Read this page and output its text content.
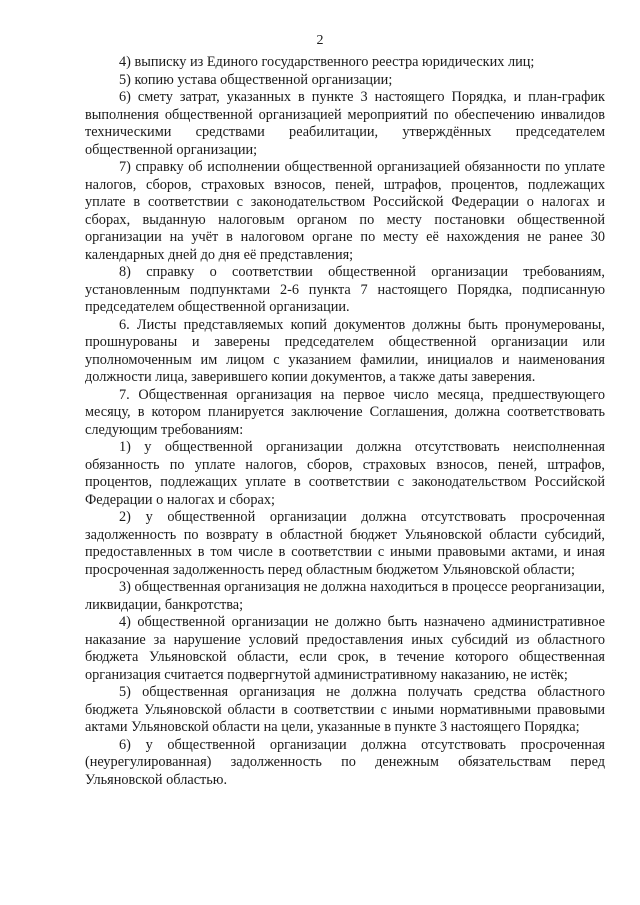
2

4) выписку из Единого государственного реестра юридических лиц;

5) копию устава общественной организации;

6) смету затрат, указанных в пункте 3 настоящего Порядка, и план-график выполнения общественной организацией мероприятий по обеспечению инвалидов техническими средствами реабилитации, утверждённых председателем общественной организации;

7) справку об исполнении общественной организацией обязанности по уплате налогов, сборов, страховых взносов, пеней, штрафов, процентов, подлежащих уплате в соответствии с законодательством Российской Федерации о налогах и сборах, выданную налоговым органом по месту постановки общественной организации на учёт в налоговом органе по месту её нахождения не ранее 30 календарных дней до дня её представления;

8) справку о соответствии общественной организации требованиям, установленным подпунктами 2-6 пункта 7 настоящего Порядка, подписанную председателем общественной организации.

6. Листы представляемых копий документов должны быть пронумерованы, прошнурованы и заверены председателем общественной организации или уполномоченным им лицом с указанием фамилии, инициалов и наименования должности лица, заверившего копии документов, а также даты заверения.

7. Общественная организация на первое число месяца, предшествующего месяцу, в котором планируется заключение Соглашения, должна соответствовать следующим требованиям:

1) у общественной организации должна отсутствовать неисполненная обязанность по уплате налогов, сборов, страховых взносов, пеней, штрафов, процентов, подлежащих уплате в соответствии с законодательством Российской Федерации о налогах и сборах;

2) у общественной организации должна отсутствовать просроченная задолженность по возврату в областной бюджет Ульяновской области субсидий, предоставленных в том числе в соответствии с иными правовыми актами, и иная просроченная задолженность перед областным бюджетом Ульяновской области;

3) общественная организация не должна находиться в процессе реорганизации, ликвидации, банкротства;

4) общественной организации не должно быть назначено административное наказание за нарушение условий предоставления иных субсидий из областного бюджета Ульяновской области, если срок, в течение которого общественная организация считается подвергнутой административному наказанию, не истёк;

5) общественная организация не должна получать средства областного бюджета Ульяновской области в соответствии с иными нормативными правовыми актами Ульяновской области на цели, указанные в пункте 3 настоящего Порядка;

6) у общественной организации должна отсутствовать просроченная (неурегулированная) задолженность по денежным обязательствам перед Ульяновской областью.
